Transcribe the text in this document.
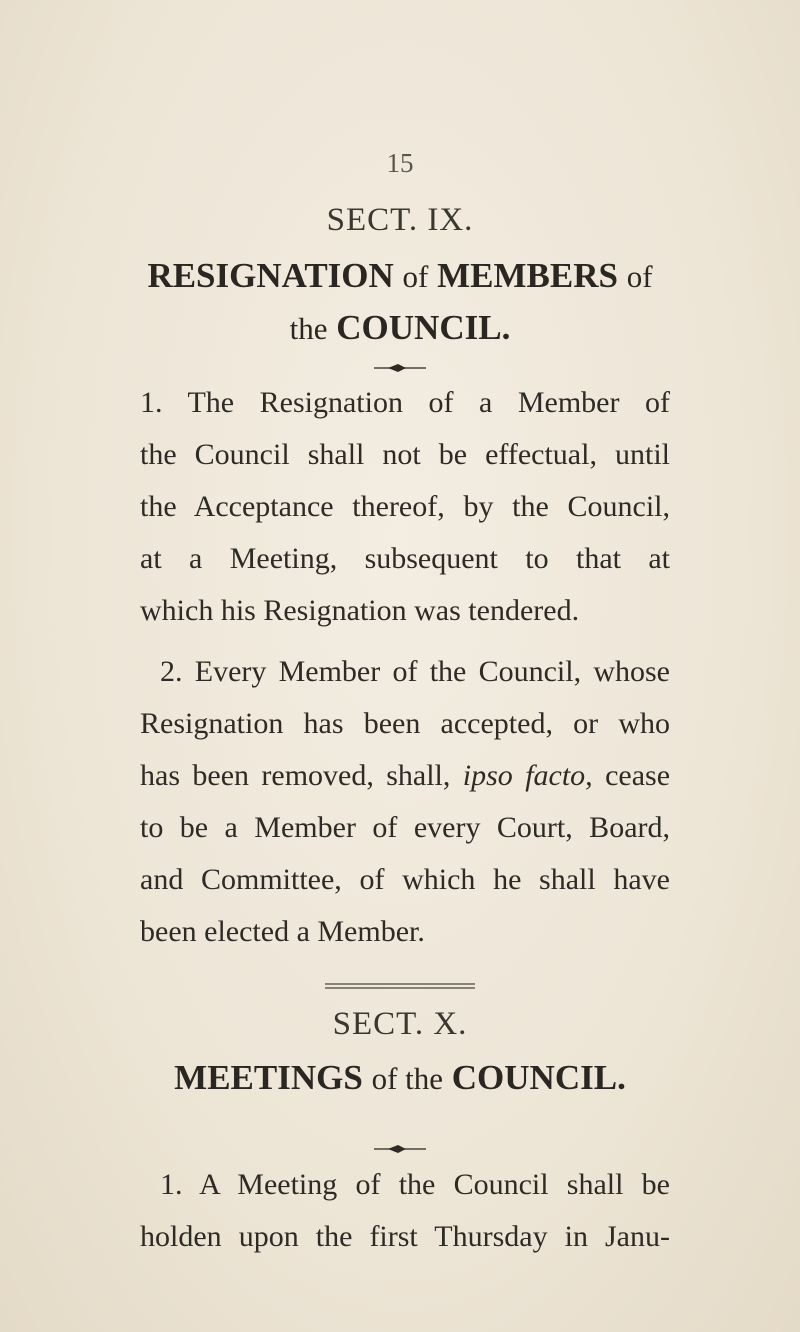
15
SECT. IX.
RESIGNATION of MEMBERS of
the COUNCIL.
1. The Resignation of a Member of
the Council shall not be effectual, until
the Acceptance thereof, by the Council,
at a Meeting, subsequent to that at
which his Resignation was tendered.
2. Every Member of the Council, whose
Resignation has been accepted, or who
has been removed, shall, ipso facto, cease
to be a Member of every Court, Board,
and Committee, of which he shall have
been elected a Member.
SECT. X.
MEETINGS of the COUNCIL.
1. A Meeting of the Council shall be
holden upon the first Thursday in Janu-
